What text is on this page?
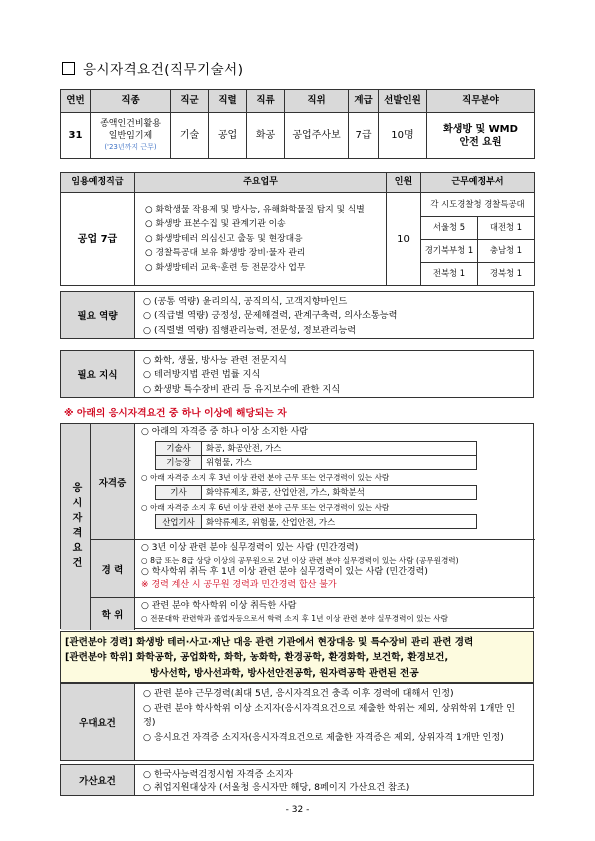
응시자격요건(직무기술서)
연번	직종	직군	직렬	직류	직위	계급	선발인원	직무분야
31	종액인건비활용
일반임기제
('23년까지 근무)	기술	공업	화공	공업주사보	7급	10명	화생방 및 WMD
안전 요원
임용예정직급	주요업무	인원	근무예정부서
공업 7급	
○ 화학생물 작용제 및 방사능, 유해화학물질 탐지 및 식별
○ 화생방 표본수집 및 관계기관 이송
○ 화생방테러 의심신고 출동 및 현장대응
○ 경찰특공대 보유 화생방 장비·물자 관리
○ 화생방테러 교육·훈련 등 전문강사 업무
	10	
각 시도경찰청 경찰특공대
서울청 5	대전청 1
경기북부청 1	충남청 1
전북청 1	경북청 1
필요 역량
○ (공통 역량) 윤리의식, 공직의식, 고객지향마인드
○ (직급별 역량) 긍정성, 문제해결력, 관계구축력, 의사소통능력
○ (직렬별 역량) 집행관리능력, 전문성, 정보관리능력
필요 지식
○ 화학, 생물, 방사능 관련 전문지식
○ 테러방지법 관련 법률 지식
○ 화생방 특수장비 관리 등 유지보수에 관한 지식
※ 아래의 응시자격요건 중 하나 이상에 해당되는 자
응시자격요건	자격증
○ 아래의 자격증 중 하나 이상 소지한 사람
기술사	화공, 화공안전, 가스
기능장	위험물, 가스
○ 아래 자격증 소지 후 3년 이상 관련 분야 근무 또는 연구경력이 있는 사람
기사	화약류제조, 화공, 산업안전, 가스, 화학분석
○ 아래 자격증 소지 후 6년 이상 관련 분야 근무 또는 연구경력이 있는 사람
산업기사	화약류제조, 위험물, 산업안전, 가스
경 력
○ 3년 이상 관련 분야 실무경력이 있는 사람 (민간경력)
○ 8급 또는 8급 상당 이상의 공무원으로 2년 이상 관련 분야 실무경력이 있는 사람 (공무원경력)
○ 학사학위 취득 후 1년 이상 관련 분야 실무경력이 있는 사람 (민간경력)
※ 경력 계산 시 공무원 경력과 민간경력 합산 불가
학 위
○ 관련 분야 학사학위 이상 취득한 사람
○ 전문대학 관련학과 졸업자등으로서 학력 소지 후 1년 이상 관련 분야 실무경력이 있는 사람
[관련분야 경력] 화생방 테러·사고·재난 대응 관련 기관에서 현장대응 및 특수장비 관리 관련 경력
[관련분야 학위] 화학공학, 공업화학, 화학, 농화학, 환경공학, 환경화학, 보건학, 환경보건,
방사선학, 방사선과학, 방사선안전공학, 원자력공학 관련된 전공
우대요건
○ 관련 분야 근무경력(최대 5년, 응시자격요건 충족 이후 경력에 대해서 인정)
○ 관련 분야 학사학위 이상 소지자(응시자격요건으로 제출한 학위는 제외, 상위학위 1개만 인정)
○ 응시요건 자격증 소지자(응시자격요건으로 제출한 자격증은 제외, 상위자격 1개만 인정)
가산요건
○ 한국사능력검정시험 자격증 소지자
○ 취업지원대상자 (서울청 응시자만 해당, 8페이지 가산요건 참조)
- 32 -
